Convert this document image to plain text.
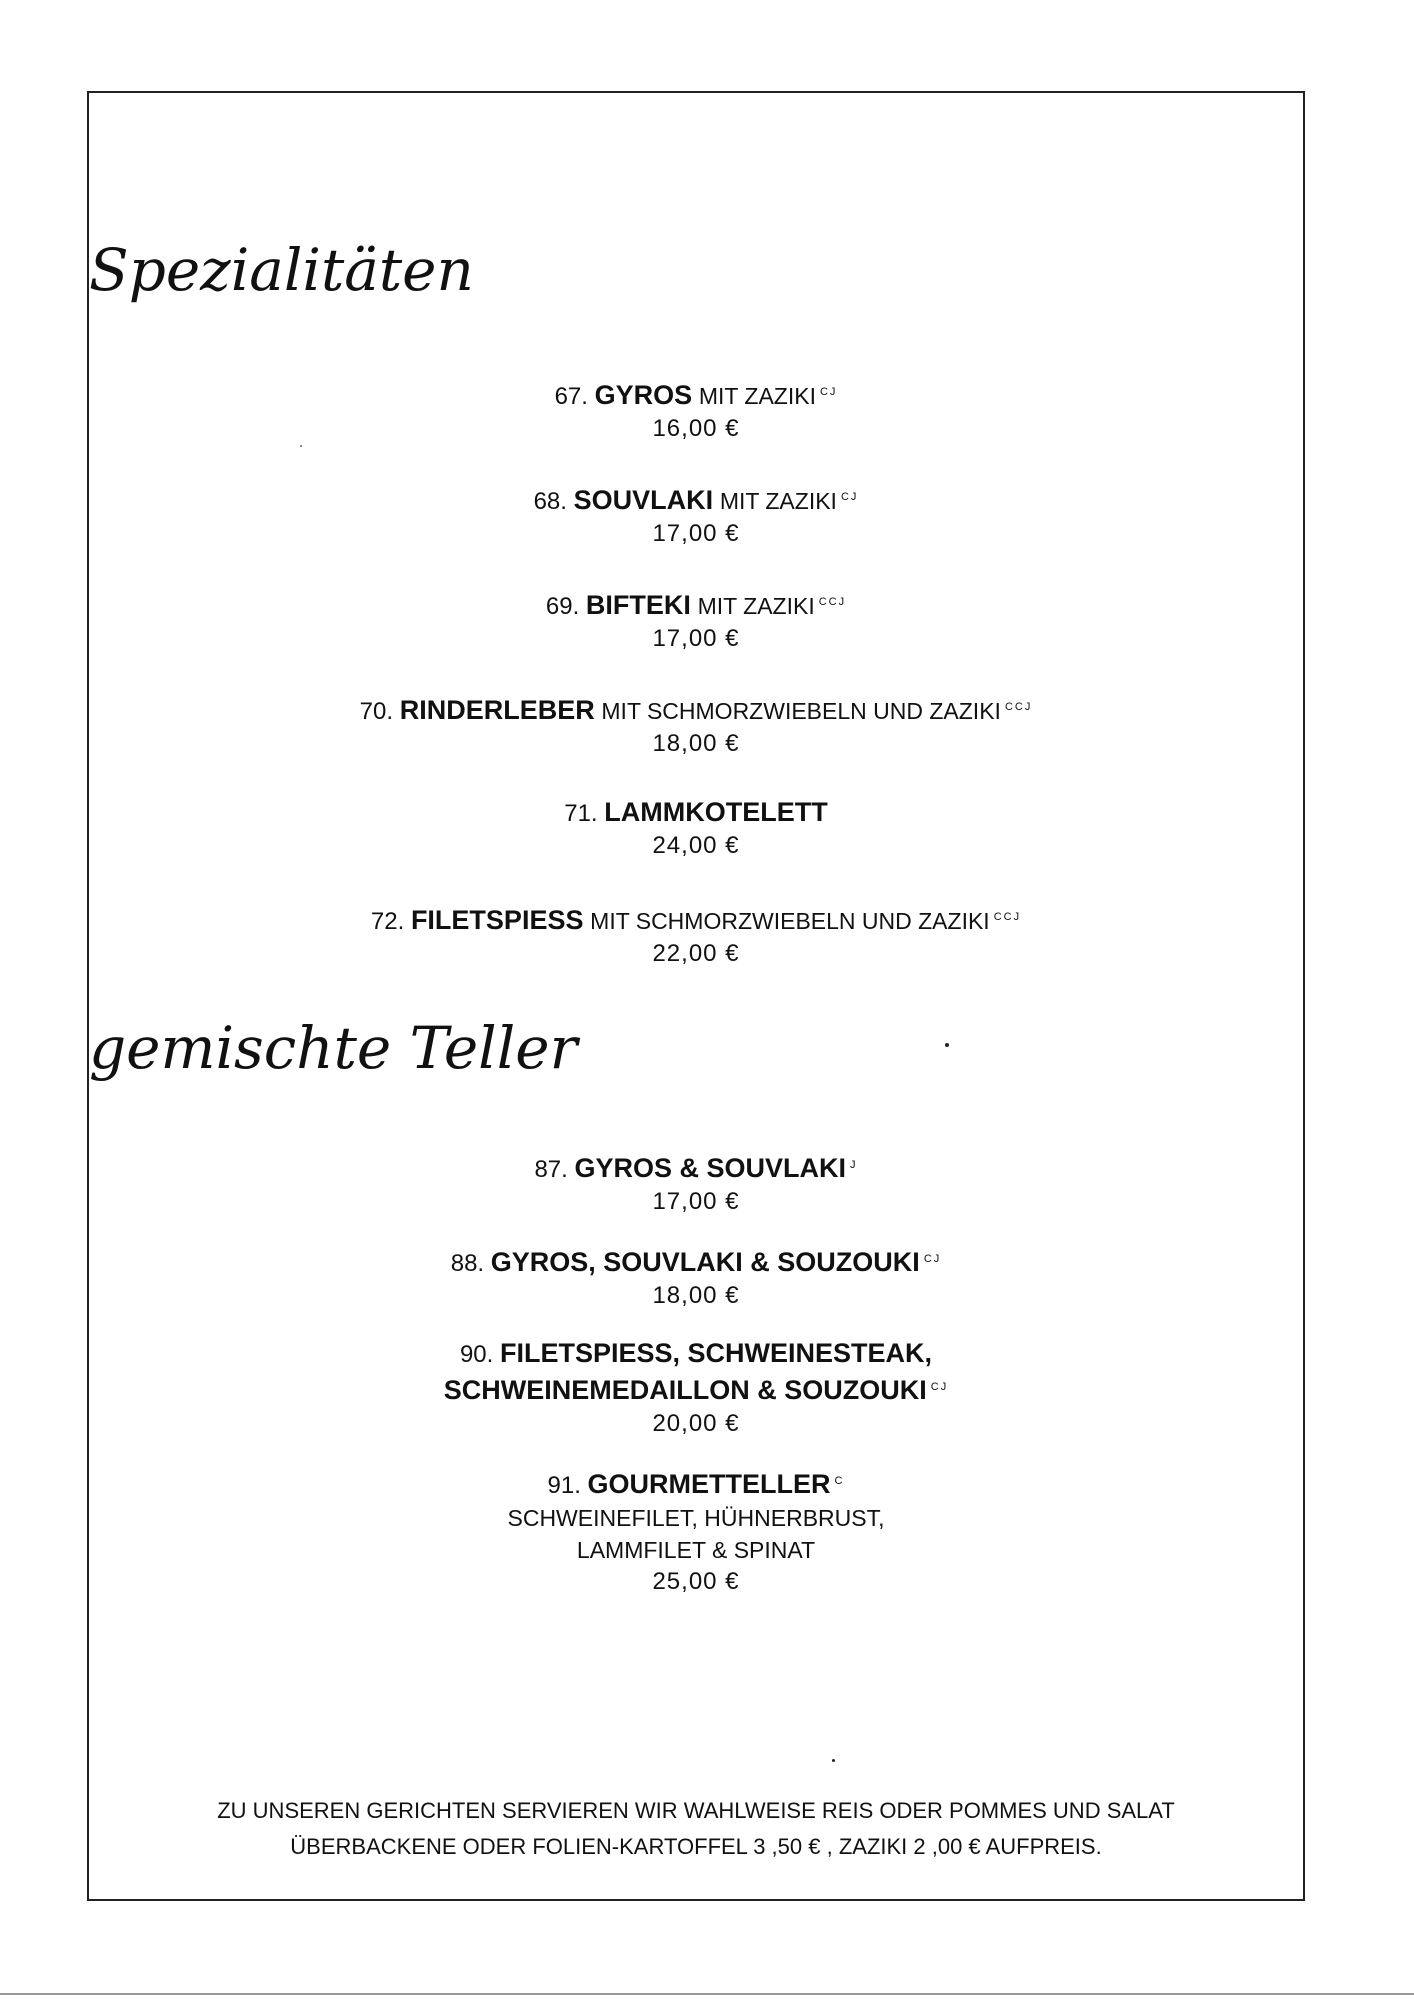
Spezialitäten
67. GYROS MIT ZAZIKI $^{CJ}$
16,00 €
68. SOUVLAKI MIT ZAZIKI $^{CJ}$
17,00 €
69. BIFTEKI MIT ZAZIKI $^{CCJ}$
17,00 €
70. RINDERLEBER MIT SCHMORZWIEBELN UND ZAZIKI $^{CCJ}$
18,00 €
71. LAMMKOTELETT
24,00 €
72. FILETSPIESS MIT SCHMORZWIEBELN UND ZAZIKI $^{CCJ}$
22,00 €
gemischte Teller
87. GYROS & SOUVLAKI $^J$
17,00 €
88. GYROS, SOUVLAKI & SOUZOUKI $^{CJ}$
18,00 €
90. FILETSPIESS, SCHWEINESTEAK,
SCHWEINEMEDAILLON & SOUZOUKI $^{CJ}$
20,00 €
91. GOURMETTELLER $^C$
SCHWEINEFILET, HÜHNERBRUST,
LAMMFILET & SPINAT
25,00 €
ZU UNSEREN GERICHTEN SERVIEREN WIR WAHLWEISE REIS ODER POMMES UND SALAT
ÜBERBACKENE ODER FOLIEN-KARTOFFEL 3 ,50 € , ZAZIKI 2 ,00 € AUFPREIS.
